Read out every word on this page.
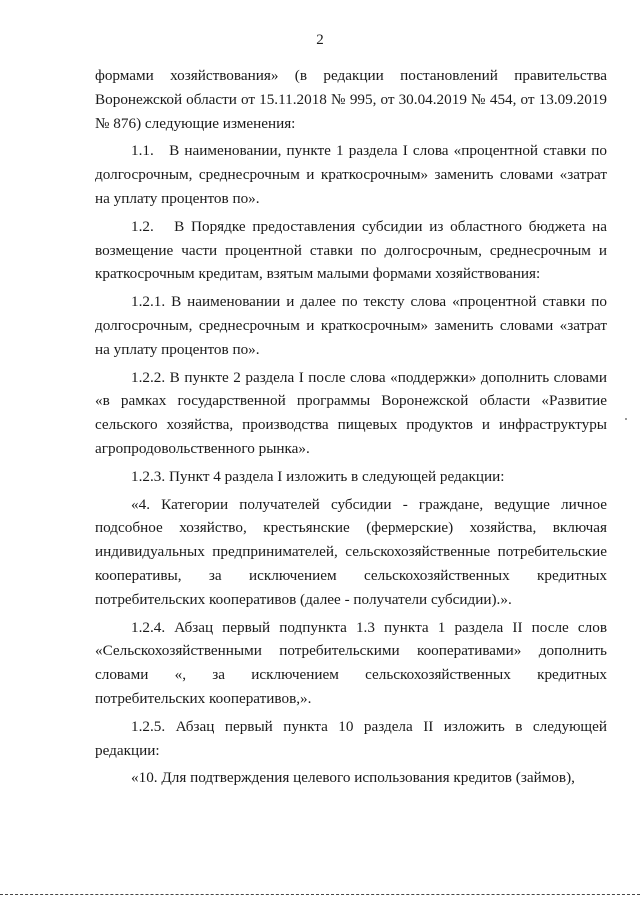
2

формами хозяйствования» (в редакции постановлений правительства Воронежской области от 15.11.2018 № 995, от 30.04.2019 № 454, от 13.09.2019 № 876) следующие изменения:

1.1.   В наименовании, пункте 1 раздела I слова «процентной ставки по долгосрочным, среднесрочным и краткосрочным» заменить словами «затрат на уплату процентов по».

1.2.   В Порядке предоставления субсидии из областного бюджета на возмещение части процентной ставки по долгосрочным, среднесрочным и краткосрочным кредитам, взятым малыми формами хозяйствования:

1.2.1. В наименовании и далее по тексту слова «процентной ставки по долгосрочным, среднесрочным и краткосрочным» заменить словами «затрат на уплату процентов по».

1.2.2. В пункте 2 раздела I после слова «поддержки» дополнить словами «в рамках государственной программы Воронежской области «Развитие сельского хозяйства, производства пищевых продуктов и инфраструктуры агропродовольственного рынка».

1.2.3. Пункт 4 раздела I изложить в следующей редакции:

«4. Категории получателей субсидии - граждане, ведущие личное подсобное хозяйство, крестьянские (фермерские) хозяйства, включая индивидуальных предпринимателей, сельскохозяйственные потребительские кооперативы, за исключением сельскохозяйственных кредитных потребительских кооперативов (далее - получатели субсидии).».

1.2.4. Абзац первый подпункта 1.3 пункта 1 раздела II после слов «Сельскохозяйственными потребительскими кооперативами» дополнить словами «, за исключением сельскохозяйственных кредитных потребительских кооперативов,».

1.2.5. Абзац первый пункта 10 раздела II изложить в следующей редакции:

«10. Для подтверждения целевого использования кредитов (займов),
